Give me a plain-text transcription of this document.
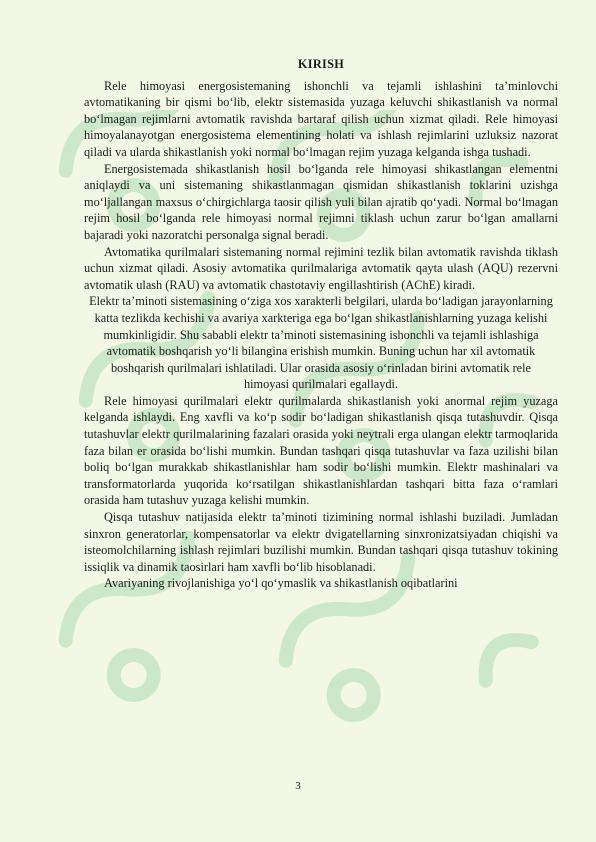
KIRISH

Rele himoyasi energosistemaning ishonchli va tejamli ishlashini taʼminlovchi avtomatikaning bir qismi boʻlib, elektr sistemasida yuzaga keluvchi shikastlanish va normal boʻlmagan rejimlarni avtomatik ravishda bartaraf qilish uchun xizmat qiladi. Rele himoyasi himoyalanayotgan energosistema elementining holati va ishlash rejimlarini uzluksiz nazorat qiladi va ularda shikastlanish yoki normal boʻlmagan rejim yuzaga kelganda ishga tushadi.

Energosistemada shikastlanish hosil boʻlganda rele himoyasi shikastlangan elementni aniqlaydi va uni sistemaning shikastlanmagan qismidan shikastlanish toklarini uzishga moʻljallangan maxsus oʻchirgichlarga taosir qilish yuli bilan ajratib qoʻyadi. Normal boʻlmagan rejim hosil boʻlganda rele himoyasi normal rejimni tiklash uchun zarur boʻlgan amallarni bajaradi yoki nazoratchi personalga signal beradi.

Avtomatika qurilmalari sistemaning normal rejimini tezlik bilan avtomatik ravishda tiklash uchun xizmat qiladi. Asosiy avtomatika qurilmalariga avtomatik qayta ulash (AQU) rezervni avtomatik ulash (RAU) va avtomatik chastotaviy engillashtirish (AChE) kiradi.

Elektr taʼminoti sistemasining oʻziga xos xarakterli belgilari, ularda boʻladigan jarayonlarning katta tezlikda kechishi va avariya xarkteriga ega boʻlgan shikastlanishlarning yuzaga kelishi mumkinligidir. Shu sababli elektr taʼminoti sistemasining ishonchli va tejamli ishlashiga avtomatik boshqarish yoʻli bilangina erishish mumkin. Buning uchun har xil avtomatik boshqarish qurilmalari ishlatiladi. Ular orasida asosiy oʻrinladan birini avtomatik rele himoyasi qurilmalari egallaydi.

Rele himoyasi qurilmalari elektr qurilmalarda shikastlanish yoki anormal rejim yuzaga kelganda ishlaydi. Eng xavfli va koʻp sodir boʻladigan shikastlanish qisqa tutashuvdir. Qisqa tutashuvlar elektr qurilmalarining fazalari orasida yoki neytrali erga ulangan elektr tarmoqlarida faza bilan er orasida boʻlishi mumkin. Bundan tashqari qisqa tutashuvlar va faza uzilishi bilan boliq boʻlgan murakkab shikastlanishlar ham sodir boʻlishi mumkin. Elektr mashinalari va transformatorlarda yuqorida koʻrsatilgan shikastlanishlardan tashqari bitta faza oʻramlari orasida ham tutashuv yuzaga kelishi mumkin.

Qisqa tutashuv natijasida elektr taʼminoti tizimining normal ishlashi buziladi. Jumladan sinxron generatorlar, kompensatorlar va elektr dvigatellarning sinxronizatsiyadan chiqishi va isteomolchilarning ishlash rejimlari buzilishi mumkin. Bundan tashqari qisqa tutashuv tokining issiqlik va dinamik taosirlari ham xavfli boʻlib hisoblanadi.

Avariyaning rivojlanishiga yoʻl qoʻymaslik va shikastlanish oqibatlarini

3
